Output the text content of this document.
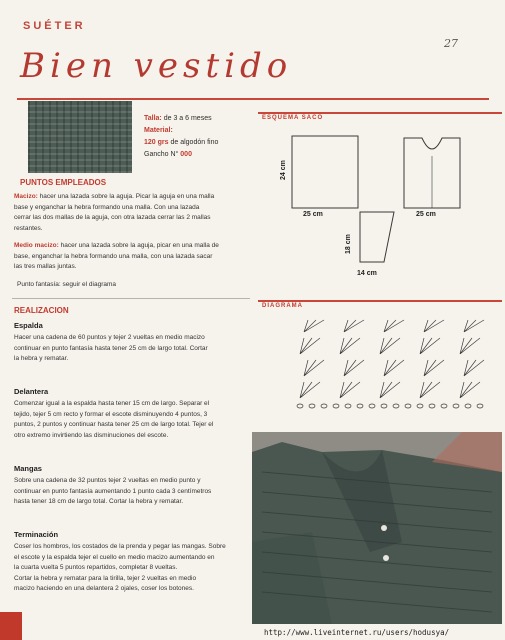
SUÉTER
27
Bien vestido
Talla: de 3 a 6 meses
Material:
120 grs de algodón fino
Gancho N° 000
PUNTOS EMPLEADOS
Macizo: hacer una lazada sobre la aguja. Picar la aguja en una malla
base y enganchar la hebra formando una malla. Con una lazada
cerrar las dos mallas de la aguja, con otra lazada cerrar las 2 mallas
restantes.
Medio macizo: hacer una lazada sobre la aguja, picar en una malla de
base, enganchar la hebra formando una malla, con una lazada sacar
las tres mallas juntas.
Punto fantasía: seguir el diagrama
REALIZACION
Espalda
Hacer una cadena de 60 puntos y tejer 2 vueltas en medio macizo
continuar en punto fantasía hasta tener 25 cm de largo total. Cortar
la hebra y rematar.
Delantera
Comenzar igual a la espalda hasta tener 15 cm de largo. Separar el
tejido, tejer 5 cm recto y formar el escote disminuyendo 4 puntos, 3
puntos, 2 puntos y continuar hasta tener 25 cm de largo total. Tejer el
otro extremo invirtiendo las disminuciones del escote.
Mangas
Sobre una cadena de 32 puntos tejer 2 vueltas en medio punto y
continuar en punto fantasía aumentando 1 punto cada 3 centímetros
hasta tener 18 cm de largo total. Cortar la hebra y rematar.
Terminación
Coser los hombros, los costados de la prenda y pegar las mangas. Sobre
el escote y la espalda tejer el cuello en medio macizo aumentando en
la cuarta vuelta 5 puntos repartidos, completar 8 vueltas.
Cortar la hebra y rematar para la tirilla, tejer 2 vueltas en medio
macizo haciendo en una delantera 2 ojales, coser los botones.
ESQUEMA SACO
24 cm
25 cm	25 cm
18 cm
14 cm
DIAGRAMA
http://www.liveinternet.ru/users/hodusya/
